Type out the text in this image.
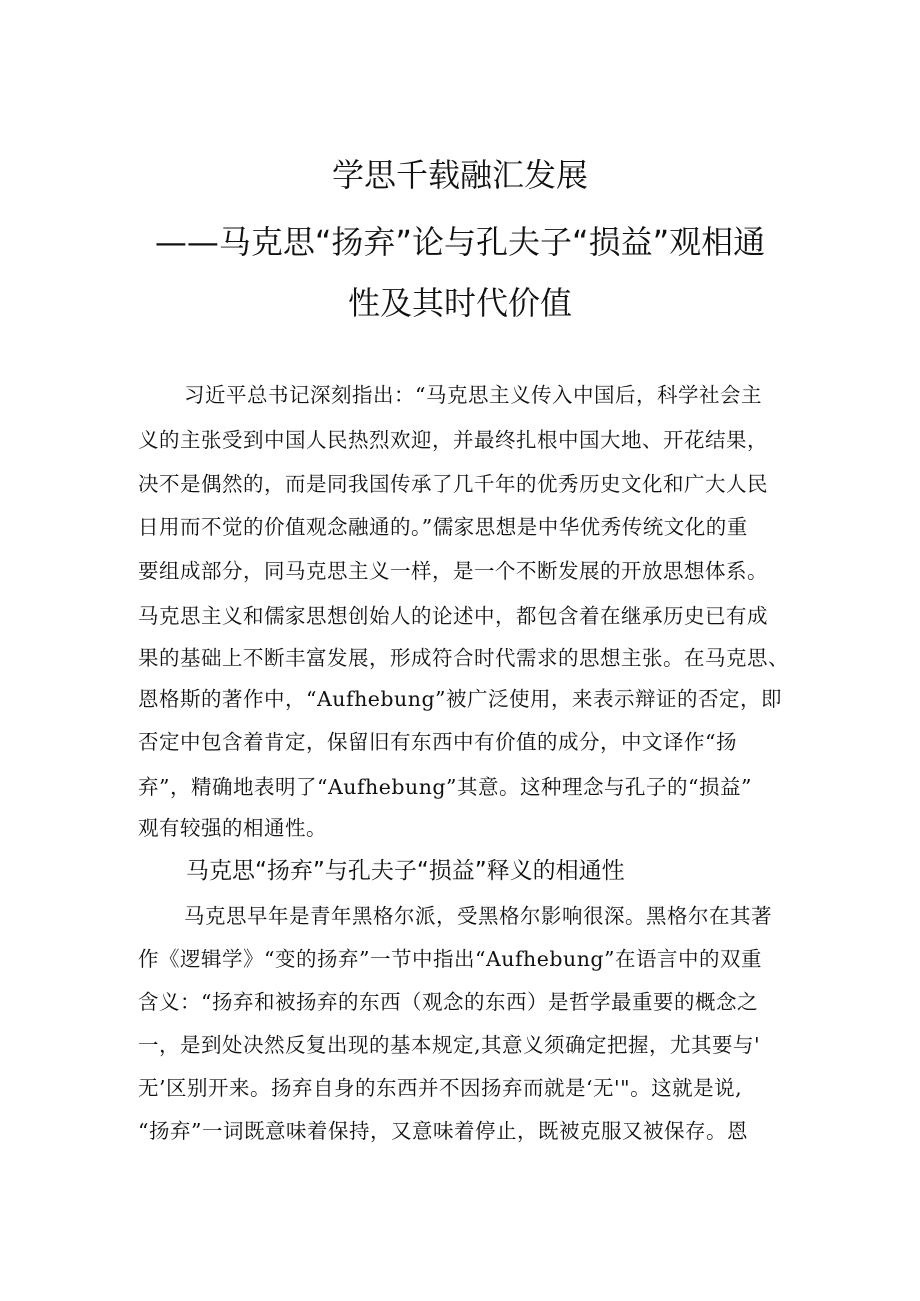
学思千载融汇发展
——马克思“扬弃”论与孔夫子“损益”观相通
性及其时代价值
习近平总书记深刻指出：“马克思主义传入中国后，科学社会主
义的主张受到中国人民热烈欢迎，并最终扎根中国大地、开花结果，
决不是偶然的，而是同我国传承了几千年的优秀历史文化和广大人民
日用而不觉的价值观念融通的。”儒家思想是中华优秀传统文化的重
要组成部分，同马克思主义一样，是一个不断发展的开放思想体系。
马克思主义和儒家思想创始人的论述中，都包含着在继承历史已有成
果的基础上不断丰富发展，形成符合时代需求的思想主张。在马克思、
恩格斯的著作中，“Aufhebung”被广泛使用，来表示辩证的否定，即
否定中包含着肯定，保留旧有东西中有价值的成分，中文译作“扬
弃”，精确地表明了“Aufhebung”其意。这种理念与孔子的“损益”
观有较强的相通性。
马克思“扬弃”与孔夫子“损益”释义的相通性
马克思早年是青年黑格尔派，受黑格尔影响很深。黑格尔在其著
作《逻辑学》“变的扬弃”一节中指出“Aufhebung”在语言中的双重
含义：“扬弃和被扬弃的东西（观念的东西）是哲学最重要的概念之
一，是到处决然反复出现的基本规定,其意义须确定把握，尤其要与'
无’区别开来。扬弃自身的东西并不因扬弃而就是‘无'"。这就是说,
“扬弃”一词既意味着保持，又意味着停止，既被克服又被保存。恩
